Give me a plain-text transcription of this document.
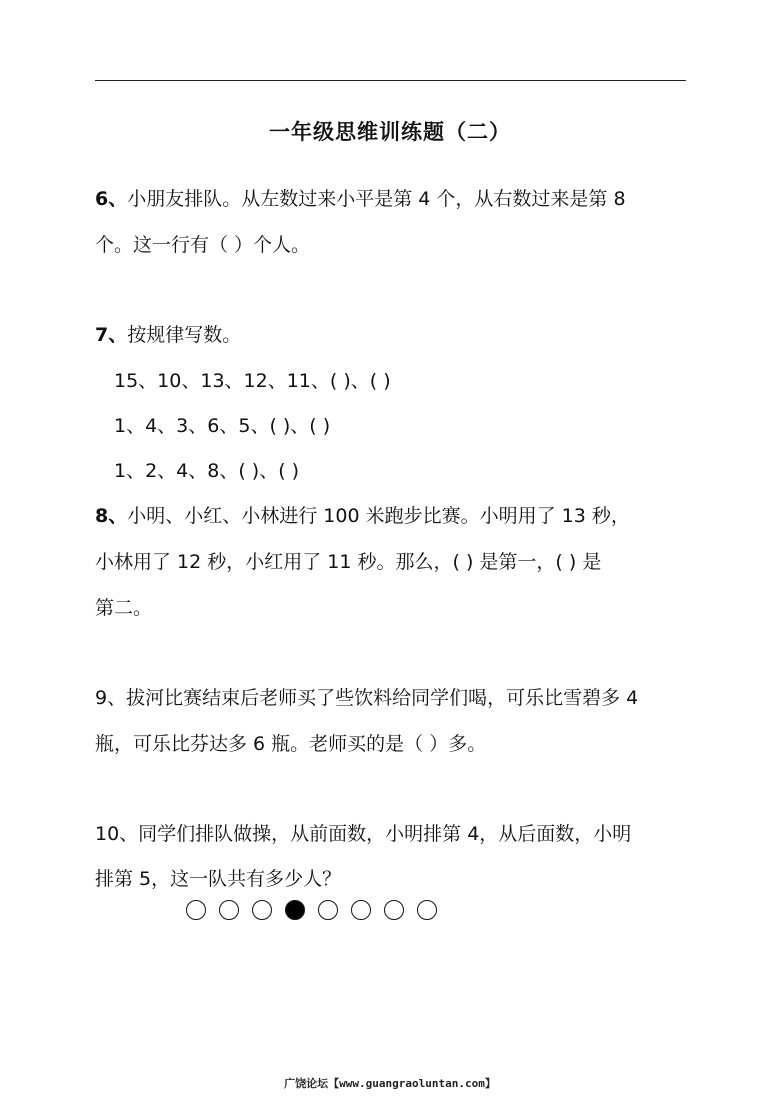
一年级思维训练题（二）
6、小朋友排队。从左数过来小平是第 4 个，从右数过来是第 8
个。这一行有（ ）个人。
7、按规律写数。
15、10、13、12、11、( )、( )
1、4、3、6、5、( )、( )
1、2、4、8、( )、( )
8、小明、小红、小林进行 100 米跑步比赛。小明用了 13 秒，
小林用了 12 秒，小红用了 11 秒。那么，( ) 是第一，( ) 是
第二。
9、拔河比赛结束后老师买了些饮料给同学们喝，可乐比雪碧多 4
瓶，可乐比芬达多 6 瓶。老师买的是（ ）多。
10、同学们排队做操，从前面数，小明排第 4，从后面数，小明
排第 5，这一队共有多少人？
广饶论坛【www.guangraoluntan.com】
